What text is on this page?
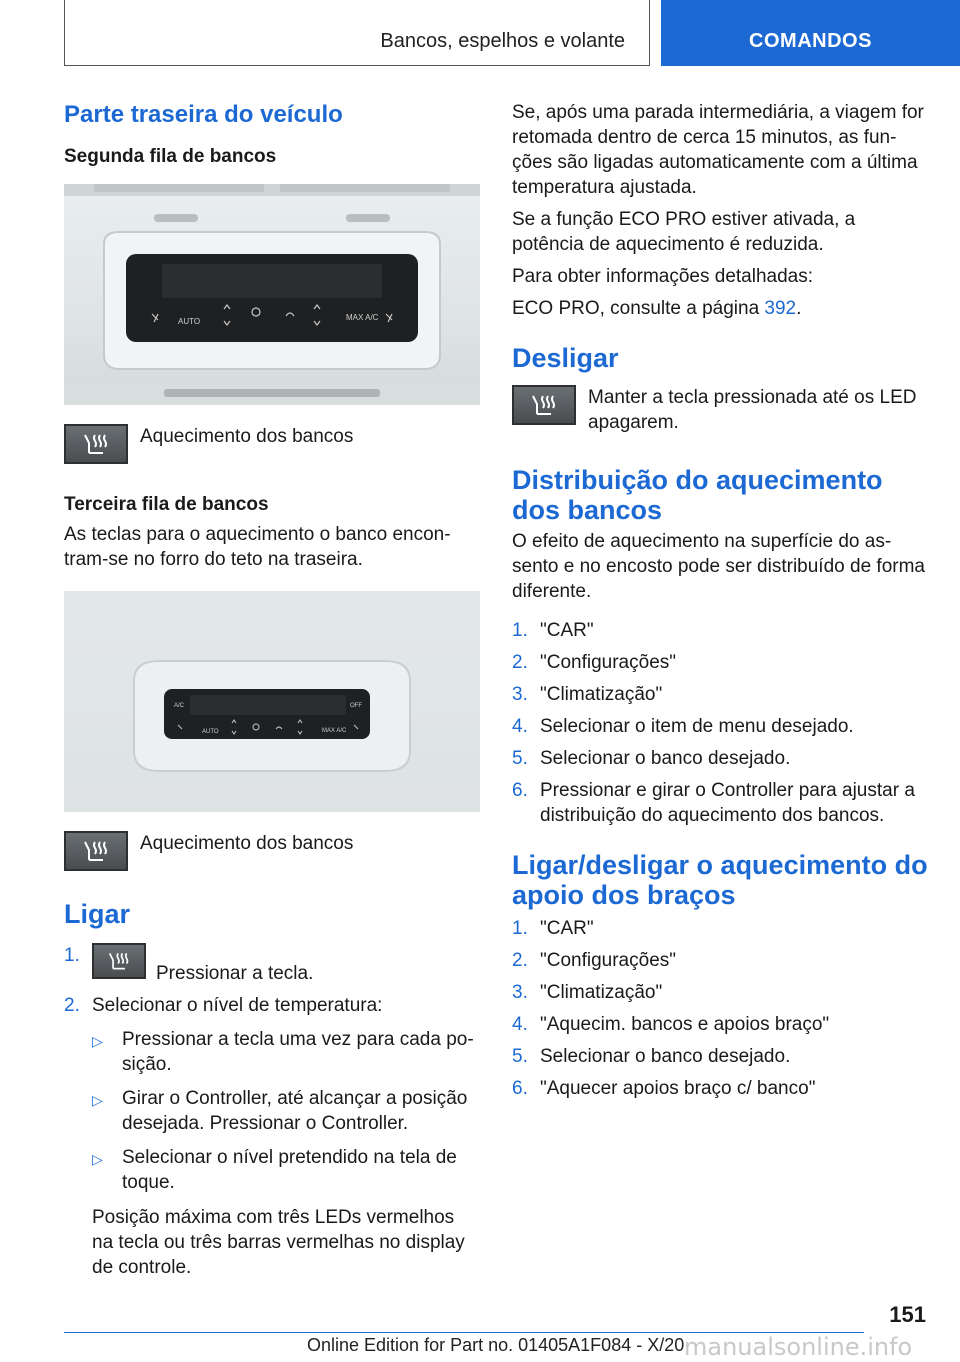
Bancos, espelhos e volante	COMANDOS
Parte traseira do veículo
Segunda fila de bancos
AUTO	MAX A/C
Aquecimento dos bancos
Terceira fila de bancos

As teclas para o aquecimento o banco encon-tram-se no forro do teto na traseira.

A/C	OFF
AUTO	MAX A/C
Aquecimento dos bancos
Ligar
1.
Pressionar a tecla.
2. Selecionar o nível de temperatura:
▷	Pressionar a tecla uma vez para cada po-sição.
▷	Girar o Controller, até alcançar a posição desejada. Pressionar o Controller.
▷	Selecionar o nível pretendido na tela de toque.

Posição máxima com três LEDs vermelhos na tecla ou três barras vermelhas no display de controle.

Se, após uma parada intermediária, a viagem for retomada dentro de cerca 15 minutos, as fun-ções são ligadas automaticamente com a última temperatura ajustada.

Se a função ECO PRO estiver ativada, a potência de aquecimento é reduzida.

Para obter informações detalhadas:

ECO PRO, consulte a página 392.

Desligar
Manter a tecla pressionada até os LED apagarem.
Distribuição do aquecimento dos bancos

O efeito de aquecimento na superfície do as-sento e no encosto pode ser distribuído de forma diferente.

1. "CAR"
2. "Configurações"
3. "Climatização"
4. Selecionar o item de menu desejado.
5. Selecionar o banco desejado.
6. Pressionar e girar o Controller para ajustar a distribuição do aquecimento dos bancos.
Ligar/desligar o aquecimento do apoio dos braços
1. "CAR"
2. "Configurações"
3. "Climatização"
4. "Aquecim. bancos e apoios braço"
5. Selecionar o banco desejado.
6. "Aquecer apoios braço c/ banco"
151
Online Edition for Part no. 01405A1F084 - X/20 manualsonline.info
